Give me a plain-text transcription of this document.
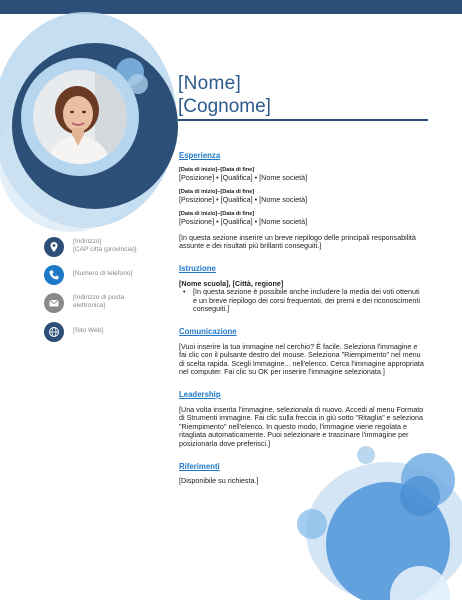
[Nome]
[Cognome]
[Indirizzo]
[CAP città (provincia)]
[Numero di telefono]
[Indirizzo di posta
elettronica]
[Sito Web]
Esperienza
[Data di inizio]–[Data di fine]
[Posizione] • [Qualifica] • [Nome società]
[Data di inizio]–[Data di fine]
[Posizione] • [Qualifica] • [Nome società]
[Data di inizio]–[Data di fine]
[Posizione] • [Qualifica] • [Nome società]
[In questa sezione inserire un breve riepilogo delle principali responsabilità assunte e dei risultati più brillanti conseguiti.]
Istruzione
[Nome scuola], [Città, regione]
• [In questa sezione è possibile anche includere la media dei voti ottenuti e un breve riepilogo dei corsi frequentati, dei premi e dei riconoscimenti conseguiti.]
Comunicazione
[Vuoi inserire la tua immagine nel cerchio? È facile. Seleziona l'immagine e fai clic con il pulsante destro del mouse. Seleziona "Riempimento" nel menu di scelta rapida. Scegli Immagine... nell'elenco. Cerca l'immagine appropriata nel computer. Fai clic su OK per inserire l'immagine selezionata.]
Leadership
[Una volta inserita l'immagine, selezionala di nuovo. Accedi al menu Formato di Strumenti immagine. Fai clic sulla freccia in giù sotto "Ritaglia" e seleziona "Riempimento" nell'elenco. In questo modo, l'immagine viene regolata e ritagliata automaticamente. Puoi selezionare e trascinare l'immagine per posizionarla dove preferisci.]
Riferimenti
[Disponibile su richiesta.]
